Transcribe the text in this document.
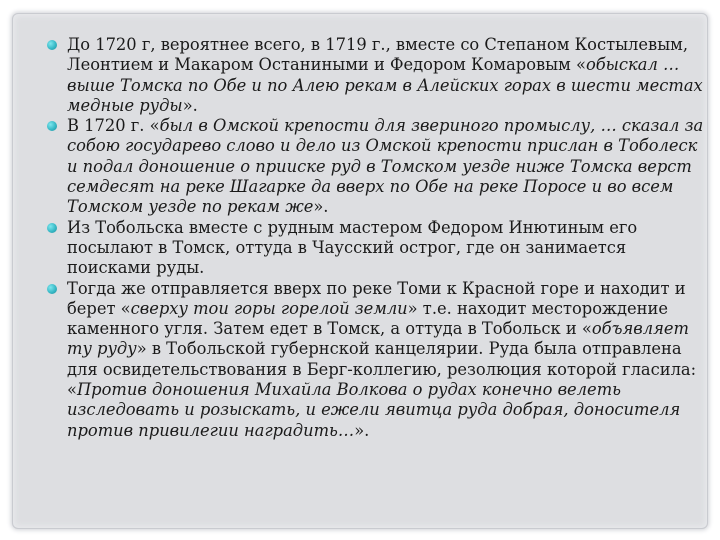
До 1720 г, вероятнее всего, в 1719 г., вместе со Степаном Костылевым, Леонтием и Макаром Останиными и Федором Комаровым «обыскал … выше Томска по Обе и по Алею рекам в Алейских горах в шести местах медные руды».
В 1720 г. «был в Омской крепости для звериного промыслу, … сказал за собою государево слово и дело из Омской крепости прислан в Тоболеск и подал доношение о прииске руд в Томском уезде ниже Томска верст семдесят на реке Шагарке да вверх по Обе на реке Поросе и во всем Томском уезде по рекам же».
Из Тобольска вместе с рудным мастером Федором Инютиным его посылают в Томск, оттуда в Чаусский острог, где он занимается поисками руды.
Тогда же отправляется вверх по реке Томи к Красной горе и находит и берет «сверху тои горы горелой земли» т.е. находит месторождение каменного угля. Затем едет в Томск, а оттуда в Тобольск и «объявляет ту руду» в Тобольской губернской канцелярии. Руда была отправлена для освидетельствования в Берг-коллегию, резолюция которой гласила: «Против доношения Михайла Волкова о рудах конечно велеть изследовать и розыскать, и ежели явитца руда добрая, доносителя против привилегии наградить…».
